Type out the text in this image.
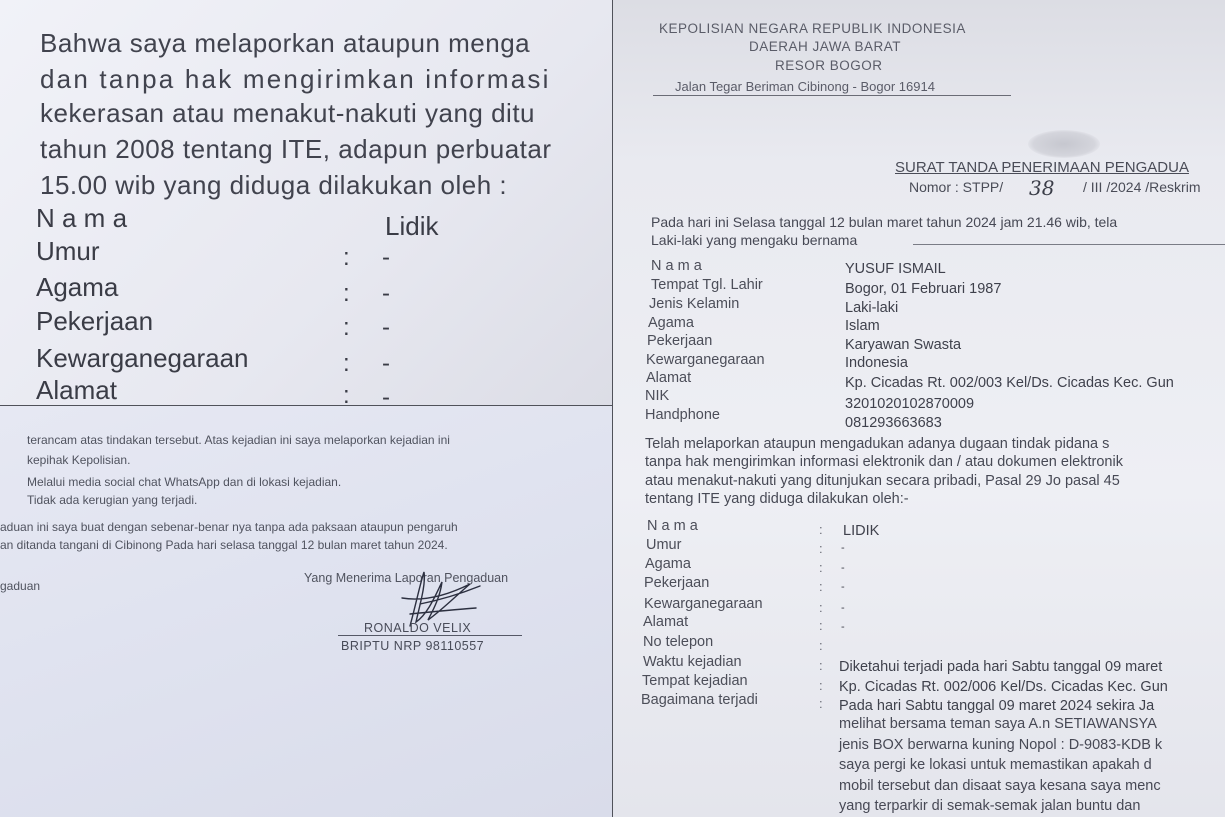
Bahwa saya melaporkan ataupun menga

dan tanpa hak mengirimkan informasi

kekerasan atau menakut-nakuti yang ditu

tahun 2008 tentang ITE, adapun perbuatar

15.00 wib yang diduga dilakukan oleh :

N a m a	Lidik
Umur	: -
Agama	: -
Pekerjaan	: -
Kewarganegaraan	: -
Alamat	: -

KEPOLISIAN NEGARA REPUBLIK INDONESIA

DAERAH JAWA BARAT

RESOR BOGOR

Jalan Tegar Beriman Cibinong - Bogor 16914

SURAT TANDA PENERIMAAN PENGADUA

Nomor : STPP/ 38 / III /2024 /Reskrim

Pada hari ini Selasa tanggal 12 bulan maret tahun 2024 jam 21.46 wib, tela

Laki-laki yang mengaku bernama

N a m a	YUSUF ISMAIL
Tempat Tgl. Lahir	Bogor, 01 Februari 1987
Jenis Kelamin	Laki-laki
Agama	Islam
Pekerjaan	Karyawan Swasta
Kewarganegaraan	Indonesia
Alamat	Kp. Cicadas Rt. 002/003 Kel/Ds. Cicadas Kec. Gun
NIK	3201020102870009
Handphone	081293663683

Telah melaporkan ataupun mengadukan adanya dugaan tindak pidana s

tanpa hak mengirimkan informasi elektronik dan / atau dokumen elektronik

atau menakut-nakuti yang ditunjukan secara pribadi, Pasal 29 Jo pasal 45

tentang ITE yang diduga dilakukan oleh:-

N a m a	: LIDIK
Umur	: -
Agama	: -
Pekerjaan	: -
Kewarganegaraan	: -
Alamat	: -
No telepon	:
Waktu kejadian	: Diketahui terjadi pada hari Sabtu tanggal 09 maret
Tempat kejadian	: Kp. Cicadas Rt. 002/006 Kel/Ds. Cicadas Kec. Gun
Bagaimana terjadi	: Pada hari Sabtu tanggal 09 maret 2024 sekira Ja

melihat bersama teman saya A.n SETIAWANSYA

jenis BOX berwarna kuning Nopol : D-9083-KDB k

saya pergi ke lokasi untuk memastikan apakah d

mobil tersebut dan disaat saya kesana saya menc

yang terparkir di semak-semak jalan buntu dan

terancam atas tindakan tersebut. Atas kejadian ini saya melaporkan kejadian ini

kepihak Kepolisian.

Melalui media social chat WhatsApp dan di lokasi kejadian.

Tidak ada kerugian yang terjadi.

aduan ini saya buat dengan sebenar-benar nya tanpa ada paksaan ataupun pengaruh

an ditanda tangani di Cibinong Pada hari selasa tanggal 12 bulan maret tahun 2024.

gaduan

Yang Menerima Laporan Pengaduan

RONALDO VELIX

BRIPTU NRP 98110557
